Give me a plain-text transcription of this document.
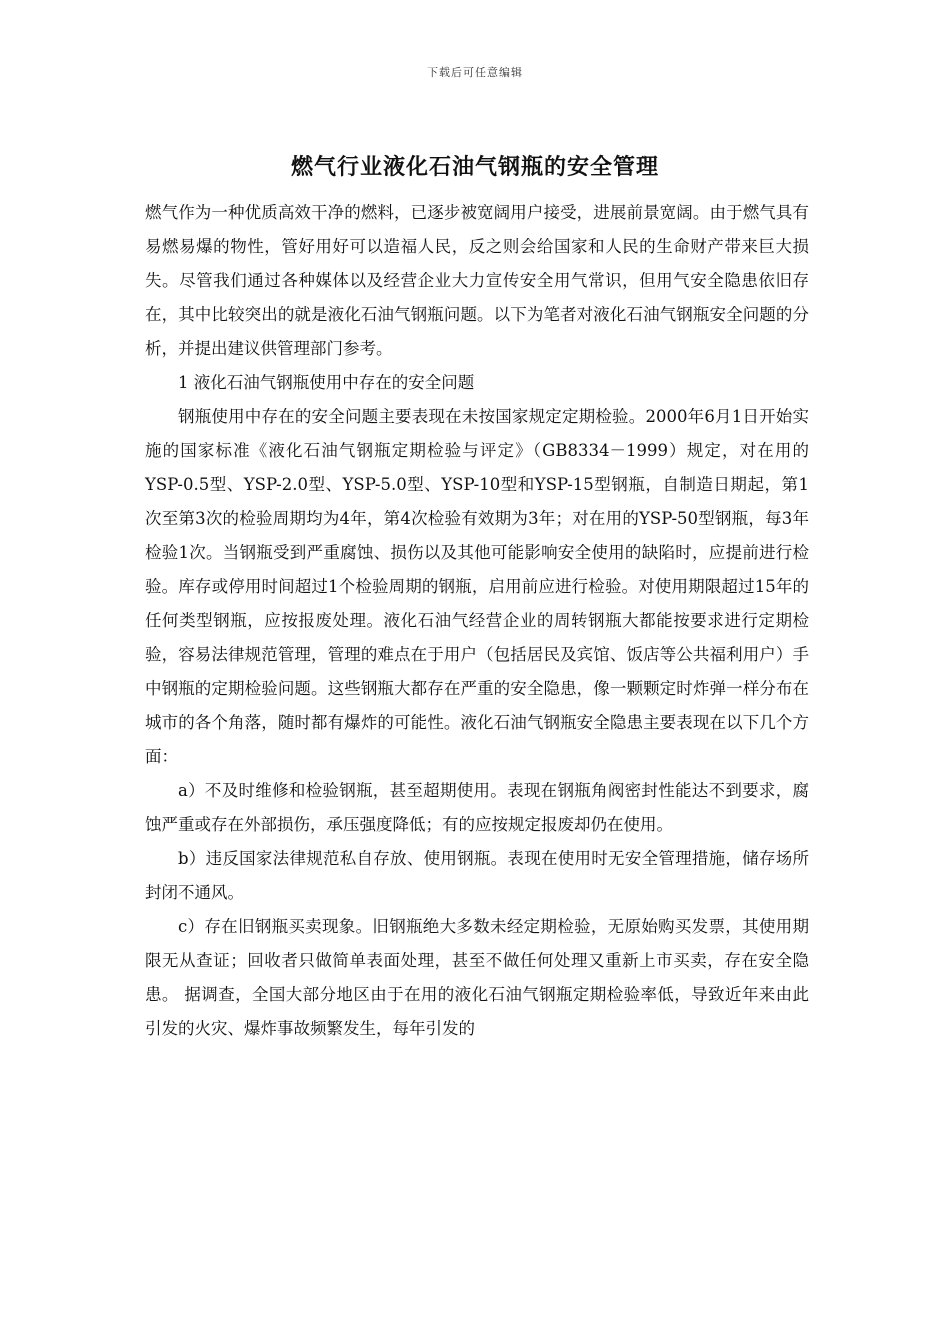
下载后可任意编辑
燃气行业液化石油气钢瓶的安全管理

燃气作为一种优质高效干净的燃料，已逐步被宽阔用户接受，进展前景宽阔。由于燃气具有易燃易爆的物性，管好用好可以造福人民，反之则会给国家和人民的生命财产带来巨大损失。尽管我们通过各种媒体以及经营企业大力宣传安全用气常识，但用气安全隐患依旧存在，其中比较突出的就是液化石油气钢瓶问题。以下为笔者对液化石油气钢瓶安全问题的分析，并提出建议供管理部门参考。

1 液化石油气钢瓶使用中存在的安全问题

钢瓶使用中存在的安全问题主要表现在未按国家规定定期检验。2000年6月1日开始实施的国家标准《液化石油气钢瓶定期检验与评定》（GB8334－1999）规定，对在用的YSP-0.5型、YSP-2.0型、YSP-5.0型、YSP-10型和YSP-15型钢瓶，自制造日期起，第1次至第3次的检验周期均为4年，第4次检验有效期为3年；对在用的YSP-50型钢瓶，每3年检验1次。当钢瓶受到严重腐蚀、损伤以及其他可能影响安全使用的缺陷时，应提前进行检验。库存或停用时间超过1个检验周期的钢瓶，启用前应进行检验。对使用期限超过15年的任何类型钢瓶，应按报废处理。液化石油气经营企业的周转钢瓶大都能按要求进行定期检验，容易法律规范管理，管理的难点在于用户（包括居民及宾馆、饭店等公共福利用户）手中钢瓶的定期检验问题。这些钢瓶大都存在严重的安全隐患，像一颗颗定时炸弹一样分布在城市的各个角落，随时都有爆炸的可能性。液化石油气钢瓶安全隐患主要表现在以下几个方面：

a）不及时维修和检验钢瓶，甚至超期使用。表现在钢瓶角阀密封性能达不到要求，腐蚀严重或存在外部损伤，承压强度降低；有的应按规定报废却仍在使用。

b）违反国家法律规范私自存放、使用钢瓶。表现在使用时无安全管理措施，储存场所封闭不通风。

c）存在旧钢瓶买卖现象。旧钢瓶绝大多数未经定期检验，无原始购买发票，其使用期限无从查证；回收者只做简单表面处理，甚至不做任何处理又重新上市买卖，存在安全隐患。 据调查，全国大部分地区由于在用的液化石油气钢瓶定期检验率低，导致近年来由此引发的火灾、爆炸事故频繁发生，每年引发的
